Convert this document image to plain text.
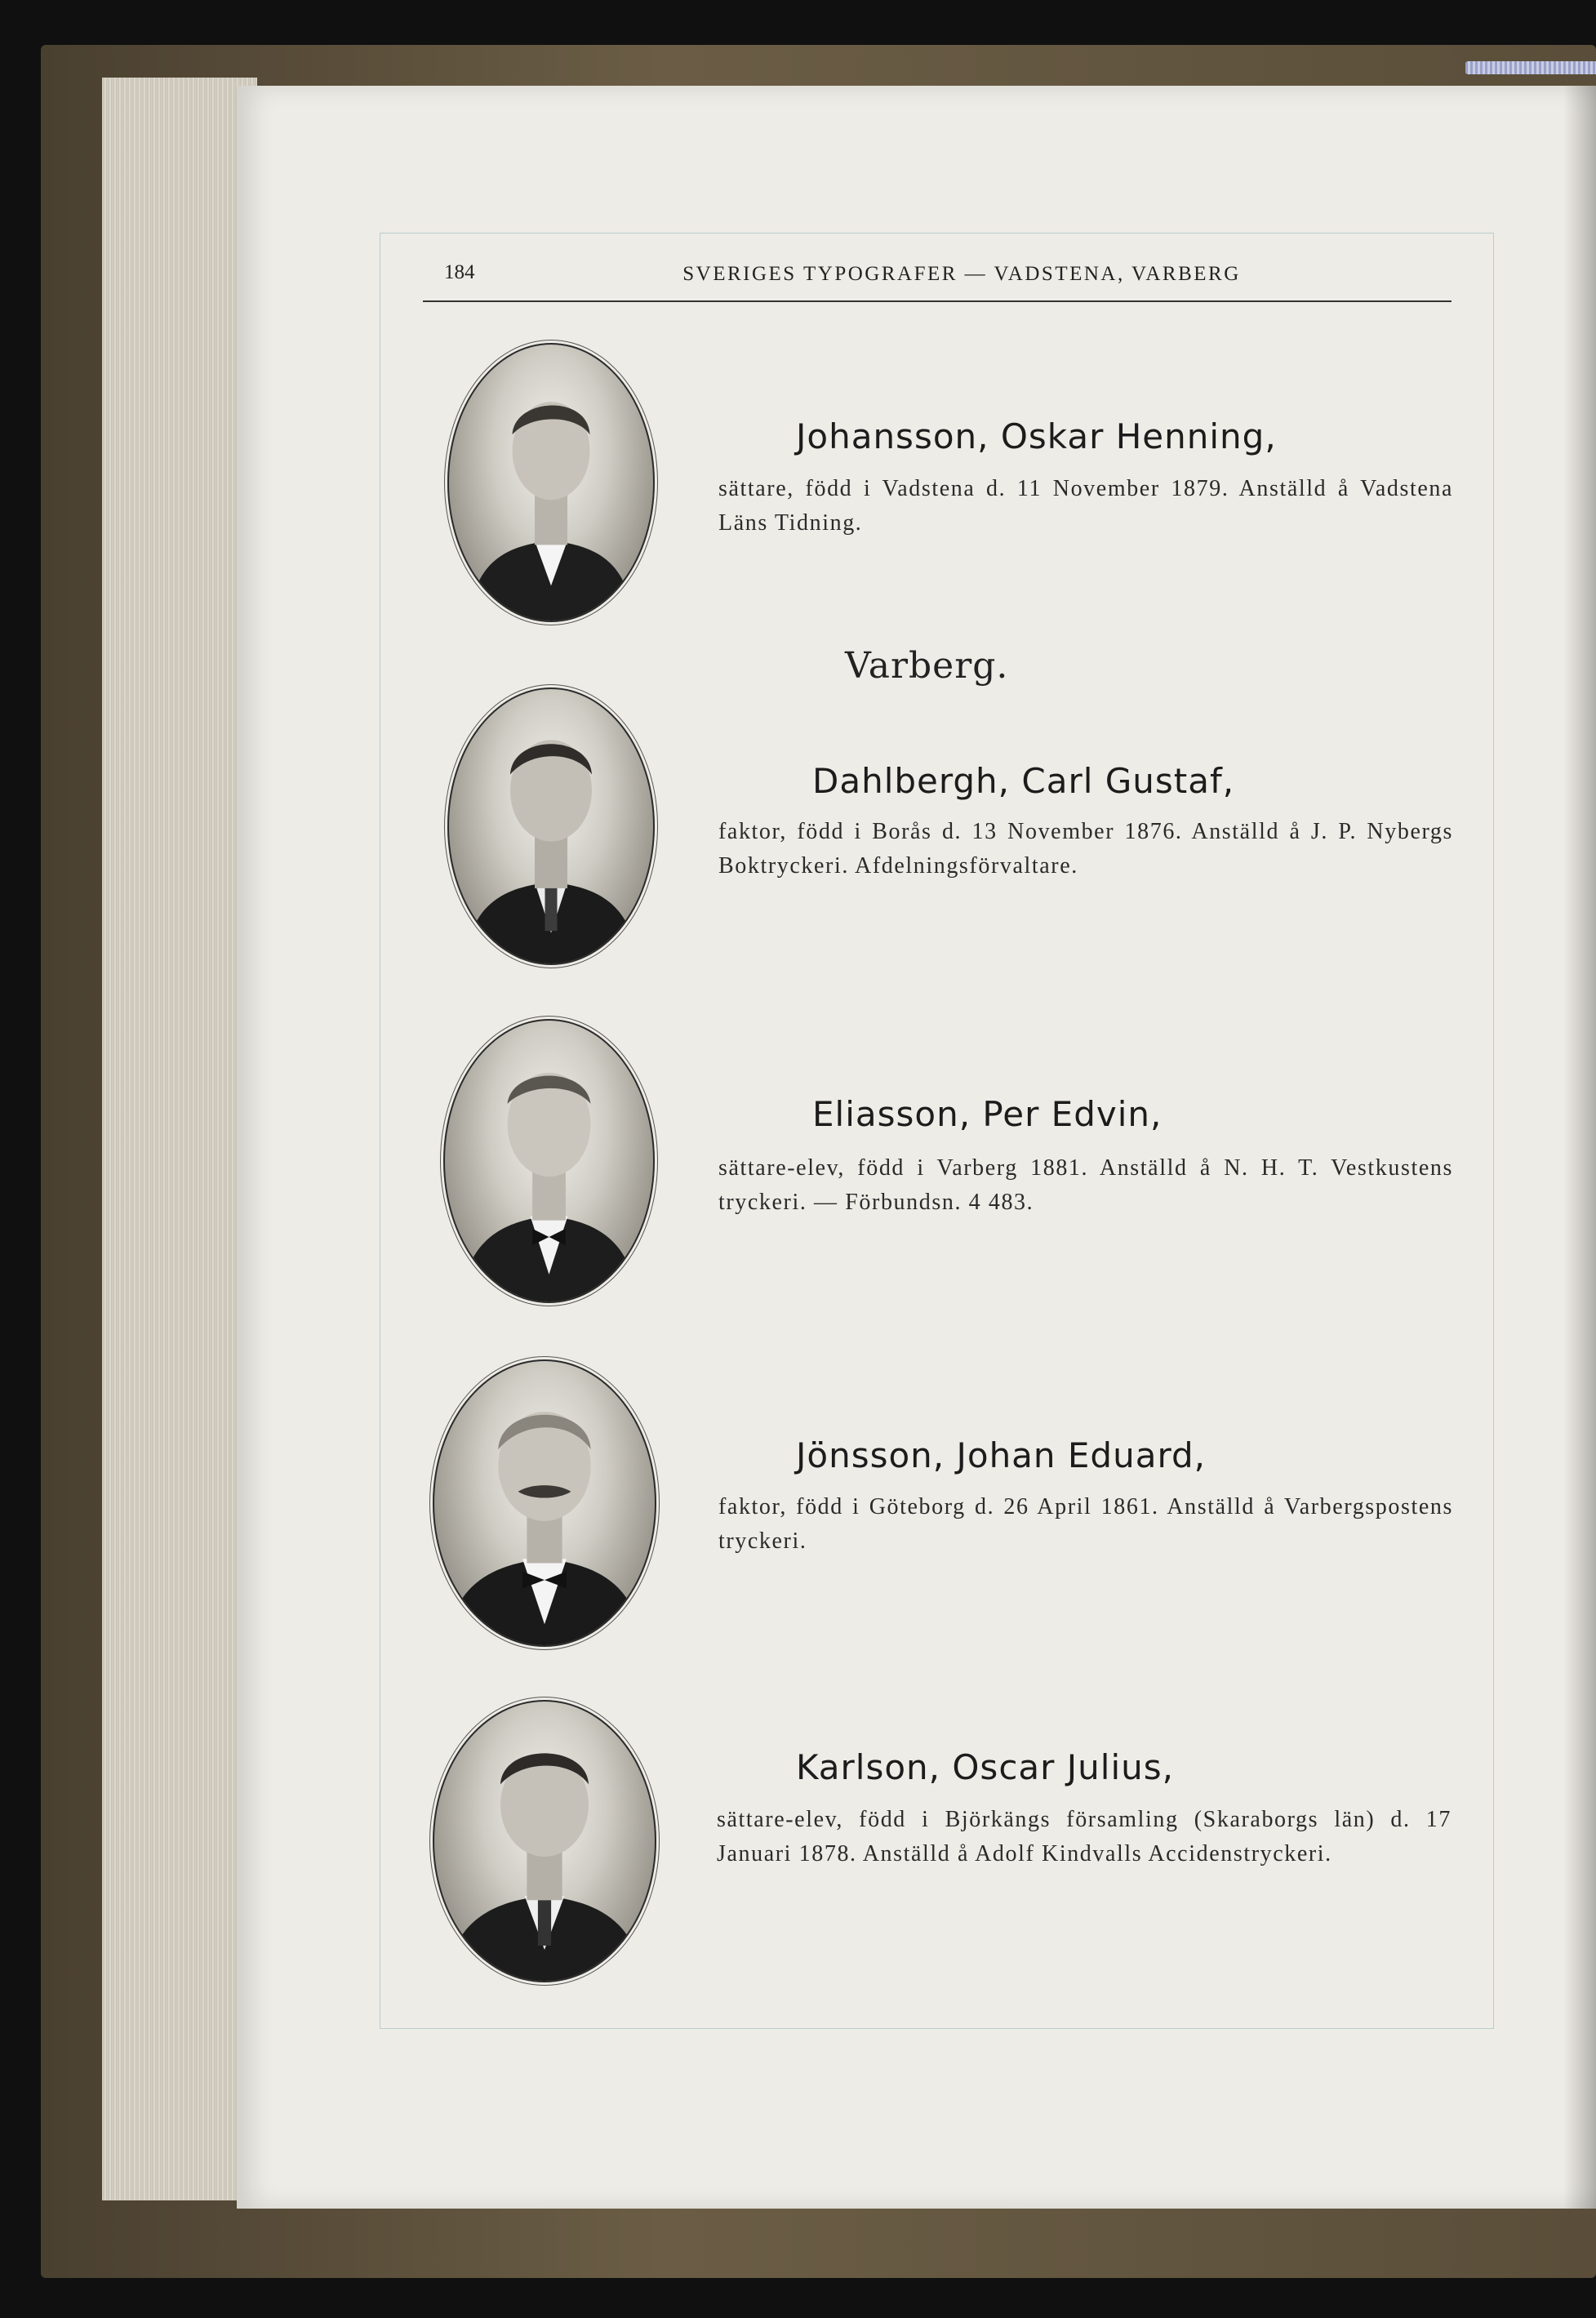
184	SVERIGES TYPOGRAFER — VADSTENA, VARBERG
Johansson, Oskar Henning,
sättare, född i Vadstena d. 11 November 1879. Anställd å Vadstena Läns Tidning.
Varberg.
Dahlbergh, Carl Gustaf,
faktor, född i Borås d. 13 November 1876. Anställd å J. P. Nybergs Boktryckeri. Afdelningsförvaltare.
Eliasson, Per Edvin,
sättare-elev, född i Varberg 1881. Anställd å N. H. T. Vestkustens tryckeri. — Förbundsn. 4 483.
Jönsson, Johan Eduard,
faktor, född i Göteborg d. 26 April 1861. Anställd å Varbergspostens tryckeri.
Karlson, Oscar Julius,
sättare-elev, född i Björkängs församling (Skaraborgs län) d. 17 Januari 1878. Anställd å Adolf Kindvalls Accidenstryckeri.
